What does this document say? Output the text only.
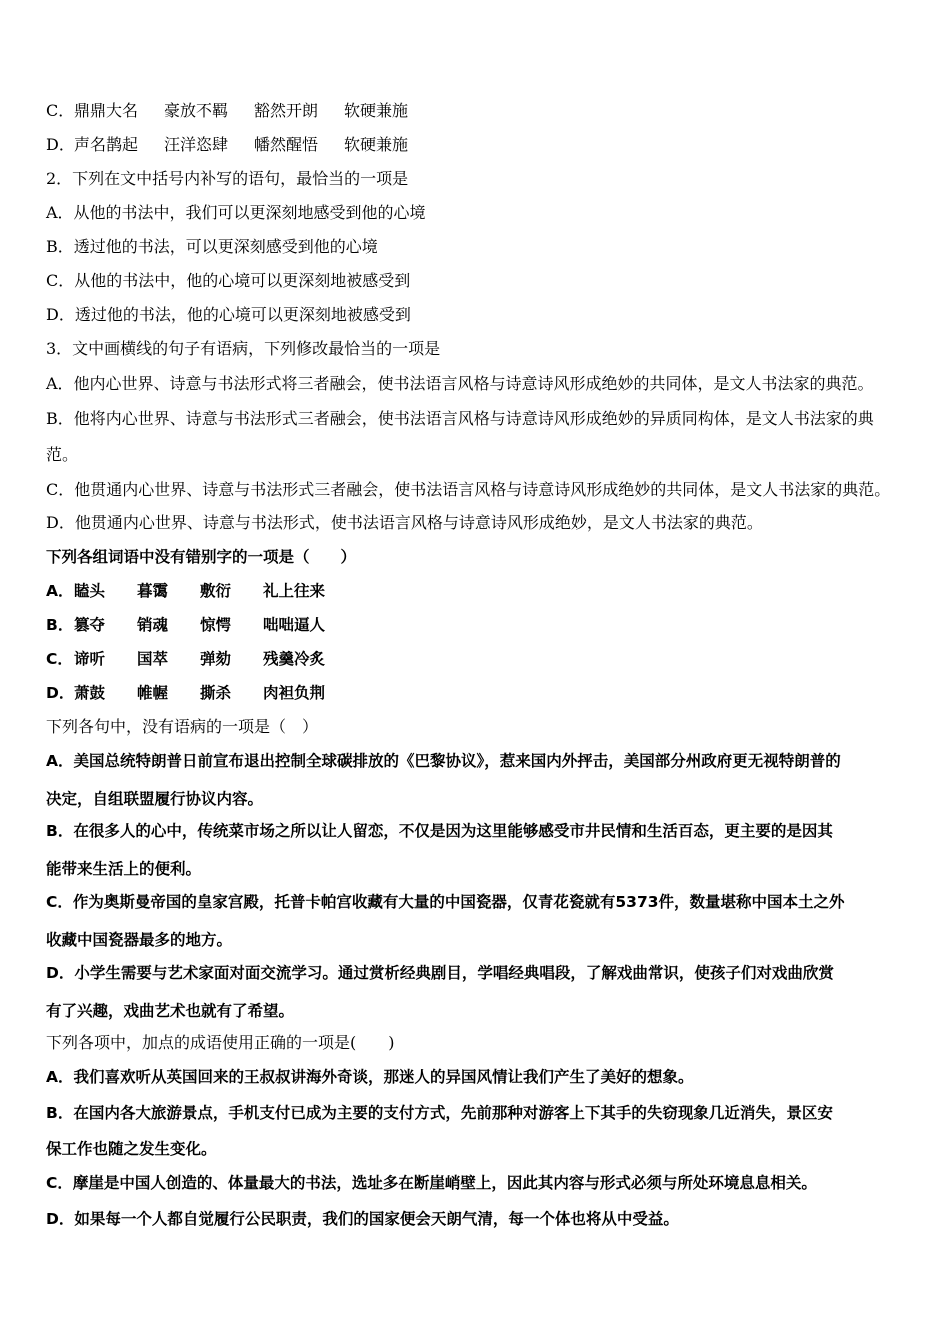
C．鼎鼎大名 豪放不羁 豁然开朗 软硬兼施
D．声名鹊起 汪洋恣肆 幡然醒悟 软硬兼施
2．下列在文中括号内补写的语句，最恰当的一项是
A．从他的书法中，我们可以更深刻地感受到他的心境
B．透过他的书法，可以更深刻感受到他的心境
C．从他的书法中，他的心境可以更深刻地被感受到
D．透过他的书法，他的心境可以更深刻地被感受到
3．文中画横线的句子有语病，下列修改最恰当的一项是
A．他内心世界、诗意与书法形式将三者融会，使书法语言风格与诗意诗风形成绝妙的共同体，是文人书法家的典范。
B．他将内心世界、诗意与书法形式三者融会，使书法语言风格与诗意诗风形成绝妙的异质同构体，是文人书法家的典
范。
C．他贯通内心世界、诗意与书法形式三者融会，使书法语言风格与诗意诗风形成绝妙的共同体，是文人书法家的典范。
D．他贯通内心世界、诗意与书法形式，使书法语言风格与诗意诗风形成绝妙，是文人书法家的典范。
下列各组词语中没有错别字的一项是（　　）
A．瞌头 暮霭 敷衍 礼上往来
B．篡夺 销魂 惊愕 咄咄逼人
C．谛听 国萃 弹劾 残羹冷炙
D．萧鼓 帷幄 撕杀 肉袒负荆
下列各句中，没有语病的一项是（　）
A．美国总统特朗普日前宣布退出控制全球碳排放的《巴黎协议》，惹来国内外抨击，美国部分州政府更无视特朗普的
决定，自组联盟履行协议内容。
B．在很多人的心中，传统菜市场之所以让人留恋，不仅是因为这里能够感受市井民情和生活百态，更主要的是因其
能带来生活上的便利。
C．作为奥斯曼帝国的皇家宫殿，托普卡帕宫收藏有大量的中国瓷器，仅青花瓷就有5373件，数量堪称中国本土之外
收藏中国瓷器最多的地方。
D．小学生需要与艺术家面对面交流学习。通过赏析经典剧目，学唱经典唱段，了解戏曲常识，使孩子们对戏曲欣赏
有了兴趣，戏曲艺术也就有了希望。
下列各项中，加点的成语使用正确的一项是(　　)
A．我们喜欢听从英国回来的王叔叔讲海外奇谈，那迷人的异国风情让我们产生了美好的想象。
B．在国内各大旅游景点，手机支付已成为主要的支付方式，先前那种对游客上下其手的失窃现象几近消失，景区安
保工作也随之发生变化。
C．摩崖是中国人创造的、体量最大的书法，选址多在断崖峭壁上，因此其内容与形式必须与所处环境息息相关。
D．如果每一个人都自觉履行公民职责，我们的国家便会天朗气清，每一个体也将从中受益。
